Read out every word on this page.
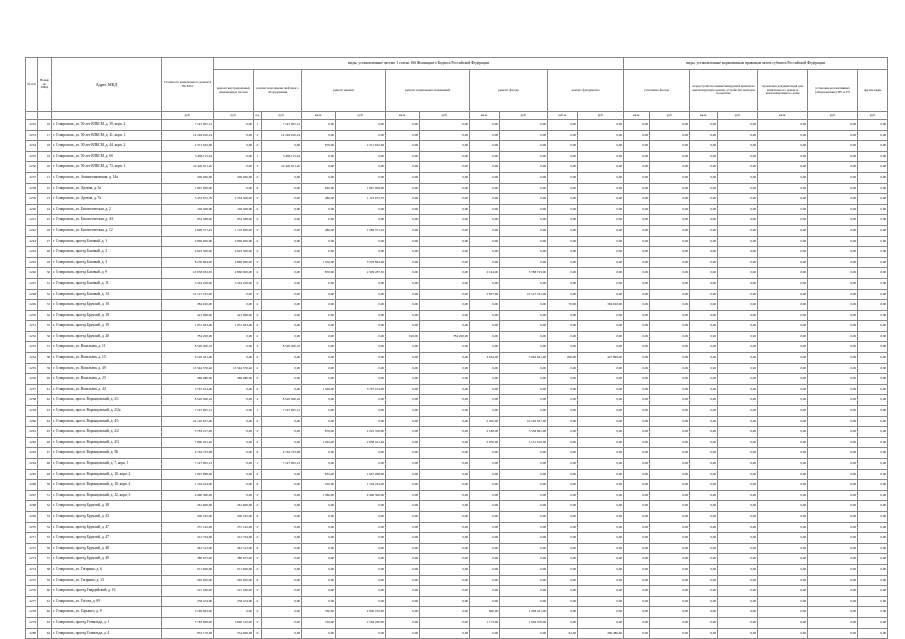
№ п/п	Номер по МКД	Адрес МКД	Стоимость капитального ремонта ВСЕГО	виды, установленные частью 1 статьи 166 Жилищного Кодекса Российской Федерации											виды, установленные нормативным правовым актом субъекта Российской Федерации							
				ремонт внутридомовых инженерных систем	ремонт или замена лифтового оборудования		ремонт крыши		ремонт подвальных помещений		ремонт фасада		ремонт фундамента		утепление фасада		переустройство невентилируемой крыши на вентилируемую крышу, устройство выходов на кровлю		проектная документация для капитального ремонта многоквартирного дома	установка коллективных (общедомовых) ПУ и УУ	другие виды	
			руб.	руб.	ед.	руб.	кв.м.	руб.	кв.м.	руб.	кв.м.	руб.	куб.м.	руб.	кв.м.	руб.	кв.м.	руб.	кв.м.	руб.	руб.	
2232	16	г. Ставрополь, ул. 50 лет ВЛКСМ, д. 39, корп. 2	7 147 005,12	0,00	1	7 147 005,12	0,00	0,00	0,00	0,00	0,00	0,00	0,00	0,00	0,00	0,00	0,00	0,00	0,00	0,00	0,00	
2233	17	г. Ставрополь, ул. 50 лет ВЛКСМ, д. 41, корп. 1	14 294 010,24	0,00	2	14 294 010,24	0,00	0,00	0,00	0,00	0,00	0,00	0,00	0,00	0,00	0,00	0,00	0,00	0,00	0,00	0,00	
2234	18	г. Ставрополь, ул. 50 лет ВЛКСМ, д. 44, корп. 2	2 371 632,00	0,00	0	0,00	876,00	2 371 632,00	0,00	0,00	0,00	0,00	0,00	0,00	0,00	0,00	0,00	0,00	0,00	0,00	0,00	
2235	19	г. Ставрополь, ул. 50 лет ВЛКСМ, д. 60	5 468 115,24	0,00	1	5 468 115,24	0,00	0,00	0,00	0,00	0,00	0,00	0,00	0,00	0,00	0,00	0,00	0,00	0,00	0,00	0,00	
2236	20	г. Ставрополь, ул. 50 лет ВЛКСМ, д. 73, корп. 1	22 440 911,20	0,00	3	22 440 911,20	0,00	0,00	0,00	0,00	0,00	0,00	0,00	0,00	0,00	0,00	0,00	0,00	0,00	0,00	0,00	
2237	21	г. Ставрополь, ул. Апанасенковская, д. 14а	200 946,00	200 946,00	0	0,00	0,00	0,00	0,00	0,00	0,00	0,00	0,00	0,00	0,00	0,00	0,00	0,00	0,00	0,00	0,00	
2238	22	г. Ставрополь, ул. Артема, д. 5а	1 867 009,00	0,00	0	0,00	820,00	1 867 009,00	0,00	0,00	0,00	0,00	0,00	0,00	0,00	0,00	0,00	0,00	0,00	0,00	0,00	
2239	23	г. Ставрополь, ул. Артема, д. 7а	3 453 972,70	2 334 300,00	0	0,00	480,00	1 119 672,70	0,00	0,00	0,00	0,00	0,00	0,00	0,00	0,00	0,00	0,00	0,00	0,00	0,00	
2240	24	г. Ставрополь, ул. Биологическая, д. 2	166 396,00	166 396,00	0	0,00	0,00	0,00	0,00	0,00	0,00	0,00	0,00	0,00	0,00	0,00	0,00	0,00	0,00	0,00	0,00	
2241	25	г. Ставрополь, ул. Биологическая, д. 4/1	854 568,00	854 568,00	0	0,00	0,00	0,00	0,00	0,00	0,00	0,00	0,00	0,00	0,00	0,00	0,00	0,00	0,00	0,00	0,00	
2242	26	г. Ставрополь, ул. Биологическая, д. 12	2 999 371,45	1 710 000,00	0	0,00	480,00	1 289 371,45	0,00	0,00	0,00	0,00	0,00	0,00	0,00	0,00	0,00	0,00	0,00	0,00	0,00	
2243	27	г. Ставрополь, проезд Базовый, д. 1	4 860 000,00	4 860 000,00	0	0,00	0,00	0,00	0,00	0,00	0,00	0,00	0,00	0,00	0,00	0,00	0,00	0,00	0,00	0,00	0,00	
2244	28	г. Ставрополь, проезд Базовый, д. 2	4 023 300,00	4 023 300,00	0	0,00	0,00	0,00	0,00	0,00	0,00	0,00	0,00	0,00	0,00	0,00	0,00	0,00	0,00	0,00	0,00	
2245	29	г. Ставрополь, проезд Базовый, д. 3	8 239 864,00	4 860 000,00	0	0,00	1 350,00	3 379 864,00	0,00	0,00	0,00	0,00	0,00	0,00	0,00	0,00	0,00	0,00	0,00	0,00	0,00	
2246	30	г. Ставрополь, проезд Базовый, д. 9	10 958 032,65	4 860 000,00	0	0,00	870,00	2 309 287,65	0,00	0,00	2 164,00	3 788 745,00	0,00	0,00	0,00	0,00	0,00	0,00	0,00	0,00	0,00	
2247	31	г. Ставрополь, проезд Базовый, д. 11	3 324 228,00	3 324 228,00	0	0,00	0,00	0,00	0,00	0,00	0,00	0,00	0,00	0,00	0,00	0,00	0,00	0,00	0,00	0,00	0,00	
2248	32	г. Ставрополь, проезд Базовый, д. 14	10 127 181,00	0,00	0	0,00	0,00	0,00	0,00	0,00	5 857,00	10 127 181,00	0,00	0,00	0,00	0,00	0,00	0,00	0,00	0,00	0,00	
2249	33	г. Ставрополь, проезд Бруклий, д. 10	384 020,00	0,00	0	0,00	0,00	0,00	0,00	0,00	0,00	0,00	70,00	384 020,00	0,00	0,00	0,00	0,00	0,00	0,00	0,00	
2250	34	г. Ставрополь, проезд Бруклий, д. 18	421 090,00	421 090,00	0	0,00	0,00	0,00	0,00	0,00	0,00	0,00	0,00	0,00	0,00	0,00	0,00	0,00	0,00	0,00	0,00	
2251	35	г. Ставрополь, проезд Бруклий, д. 19	1 031 023,00	1 031 023,00	0	0,00	0,00	0,00	0,00	0,00	0,00	0,00	0,00	0,00	0,00	0,00	0,00	0,00	0,00	0,00	0,00	
2252	36	г. Ставрополь, проезд Бруклий, д. 20	784 200,00	0,00	0	0,00	0,00	0,00	190,00	784 200,00	0,00	0,00	0,00	0,00	0,00	0,00	0,00	0,00	0,00	0,00	0,00	
2253	37	г. Ставрополь, ул. Васильева, д. 11	8 520 400,16	0,00	4	8 520 400,16	0,00	0,00	0,00	0,00	0,00	0,00	0,00	0,00	0,00	0,00	0,00	0,00	0,00	0,00	0,00	
2254	38	г. Ставрополь, ул. Васильева, д. 15	6 120 441,00	0,00	0	0,00	0,00	0,00	0,00	0,00	3 034,00	5 692 641,00	200,00	427 800,00	0,00	0,00	0,00	0,00	0,00	0,00	0,00	
2255	39	г. Ставрополь, ул. Васильева, д. 49	15 344 376,40	15 344 376,40	0	0,00	0,00	0,00	0,00	0,00	0,00	0,00	0,00	0,00	0,00	0,00	0,00	0,00	0,00	0,00	0,00	
2256	40	г. Ставрополь, ул. Васильева, д. 23	466 480,00	466 480,00	0	0,00	0,00	0,00	0,00	0,00	0,00	0,00	0,00	0,00	0,00	0,00	0,00	0,00	0,00	0,00	0,00	
2257	41	г. Ставрополь, ул. Васильева, д. 44	3 767 014,00	0,00	0	0,00	1 346,00	3 767 014,00	0,00	0,00	0,00	0,00	0,00	0,00	0,00	0,00	0,00	0,00	0,00	0,00	0,00	
2258	42	г. Ставрополь, просп. Воронцовский, д. 2/1	8 520 400,16	0,00	4	8 520 400,16	0,00	0,00	0,00	0,00	0,00	0,00	0,00	0,00	0,00	0,00	0,00	0,00	0,00	0,00	0,00	
2259	43	г. Ставрополь, просп. Воронцовский, д. 2/2а	7 147 005,12	0,00	1	7 147 005,12	0,00	0,00	0,00	0,00	0,00	0,00	0,00	0,00	0,00	0,00	0,00	0,00	0,00	0,00	0,00	
2260	44	г. Ставрополь, просп. Воронцовский, д. 4/1	10 120 657,00	0,00	0	0,00	0,00	0,00	0,00	0,00	2 456,00	10 120 657,00	0,00	0,00	0,00	0,00	0,00	0,00	0,00	0,00	0,00	
2261	45	г. Ставрополь, просп. Воронцовский, д. 4/2	5 783 217,00	0,00	0	0,00	876,00	2 222 356,00	0,00	0,00	2 180,00	3 558 861,00	0,00	0,00	0,00	0,00	0,00	0,00	0,00	0,00	0,00	
2262	46	г. Ставрополь, просп. Воронцовский, д. 4/3	7 990 031,40	0,00	0	0,00	1 262,00	2 838 421,40	0,00	0,00	2 956,00	5 151 610,00	0,00	0,00	0,00	0,00	0,00	0,00	0,00	0,00	0,00	
2263	47	г. Ставрополь, просп. Воронцовский, д. 5Б	4 794 703,08	0,00	0	4 794 703,08	0,00	0,00	0,00	0,00	0,00	0,00	0,00	0,00	0,00	0,00	0,00	0,00	0,00	0,00	0,00	
2264	48	г. Ставрополь, просп. Воронцовский, д. 7, корп. 1	7 147 005,12	0,00	1	7 147 005,12	0,00	0,00	0,00	0,00	0,00	0,00	0,00	0,00	0,00	0,00	0,00	0,00	0,00	0,00	0,00	
2265	49	г. Ставрополь, просп. Воронцовский, д. 10, корп. 2	1 967 968,00	0,00	0	0,00	832,00	1 967 968,00	0,00	0,00	0,00	0,00	0,00	0,00	0,00	0,00	0,00	0,00	0,00	0,00	0,00	
2266	50	г. Ставрополь, просп. Воронцовский, д. 10, корп. 4	1 194 224,00	0,00	0	0,00	520,00	1 194 224,00	0,00	0,00	0,00	0,00	0,00	0,00	0,00	0,00	0,00	0,00	0,00	0,00	0,00	
2267	51	г. Ставрополь, просп. Воронцовский, д. 12, корп. 3	4 460 300,00	0,00	0	0,00	1 380,00	4 460 300,00	0,00	0,00	0,00	0,00	0,00	0,00	0,00	0,00	0,00	0,00	0,00	0,00	0,00	
2268	52	г. Ставрополь, проезд Бруклий, д. 38	261 000,00	261 000,00	0	0,00	0,00	0,00	0,00	0,00	0,00	0,00	0,00	0,00	0,00	0,00	0,00	0,00	0,00	0,00	0,00	
2269	53	г. Ставрополь, проезд Бруклий, д. 43	200 245,00	200 245,00	0	0,00	0,00	0,00	0,00	0,00	0,00	0,00	0,00	0,00	0,00	0,00	0,00	0,00	0,00	0,00	0,00	
2270	54	г. Ставрополь, проезд Бруклий, д. 47	257 142,00	257 142,00	0	0,00	0,00	0,00	0,00	0,00	0,00	0,00	0,00	0,00	0,00	0,00	0,00	0,00	0,00	0,00	0,00	
2271	55	г. Ставрополь, проезд Бруклий, д. 47	312 794,00	312 794,00	0	0,00	0,00	0,00	0,00	0,00	0,00	0,00	0,00	0,00	0,00	0,00	0,00	0,00	0,00	0,00	0,00	
2272	56	г. Ставрополь, проезд Бруклий, д. 48	461 512,00	461 512,00	0	0,00	0,00	0,00	0,00	0,00	0,00	0,00	0,00	0,00	0,00	0,00	0,00	0,00	0,00	0,00	0,00	
2273	57	г. Ставрополь, проезд Бруклий, д. 49	380 675,00	380 675,00	0	0,00	0,00	0,00	0,00	0,00	0,00	0,00	0,00	0,00	0,00	0,00	0,00	0,00	0,00	0,00	0,00	
2274	58	г. Ставрополь, ул. Гагарина, д. 6	671 600,00	671 600,00	0	0,00	0,00	0,00	0,00	0,00	0,00	0,00	0,00	0,00	0,00	0,00	0,00	0,00	0,00	0,00	0,00	
2275	59	г. Ставрополь, ул. Гагарина, д. 13	265 620,00	265 620,00	0	0,00	0,00	0,00	0,00	0,00	0,00	0,00	0,00	0,00	0,00	0,00	0,00	0,00	0,00	0,00	0,00	
2276	60	г. Ставрополь, проезд Гвардейский, д. 16	221 260,00	221 260,00	0	0,00	0,00	0,00	0,00	0,00	0,00	0,00	0,00	0,00	0,00	0,00	0,00	0,00	0,00	0,00	0,00	
2277	61	г. Ставрополь, ул. Гоголя, д. 69	258 474,00	258 474,00	0	0,00	0,00	0,00	0,00	0,00	0,00	0,00	0,00	0,00	0,00	0,00	0,00	0,00	0,00	0,00	0,00	
2278	62	г. Ставрополь, ул. Горького, д. 9	5 199 663,00	0,00	0	0,00	760,00	2 900 232,00	0,00	0,00	690,00	1 298 431,00	0,00	0,00	0,00	0,00	0,00	0,00	0,00	0,00	0,00	
2279	63	г. Ставрополь, проезд Готвальда, д. 1	7 183 699,00	3 690 310,00	0	0,00	720,00	2 549 290,00	0,00	0,00	1 175,00	1 939 479,00	0,00	0,00	0,00	0,00	0,00	0,00	0,00	0,00	0,00	
2280	64	г. Ставрополь, проезд Готвальда, д. 4	833 176,00	554 696,00	0	0,00	0,00	0,00	0,00	0,00	0,00	0,00	92,00	280 480,00	0,00	0,00	0,00	0,00	0,00	0,00	0,00	
